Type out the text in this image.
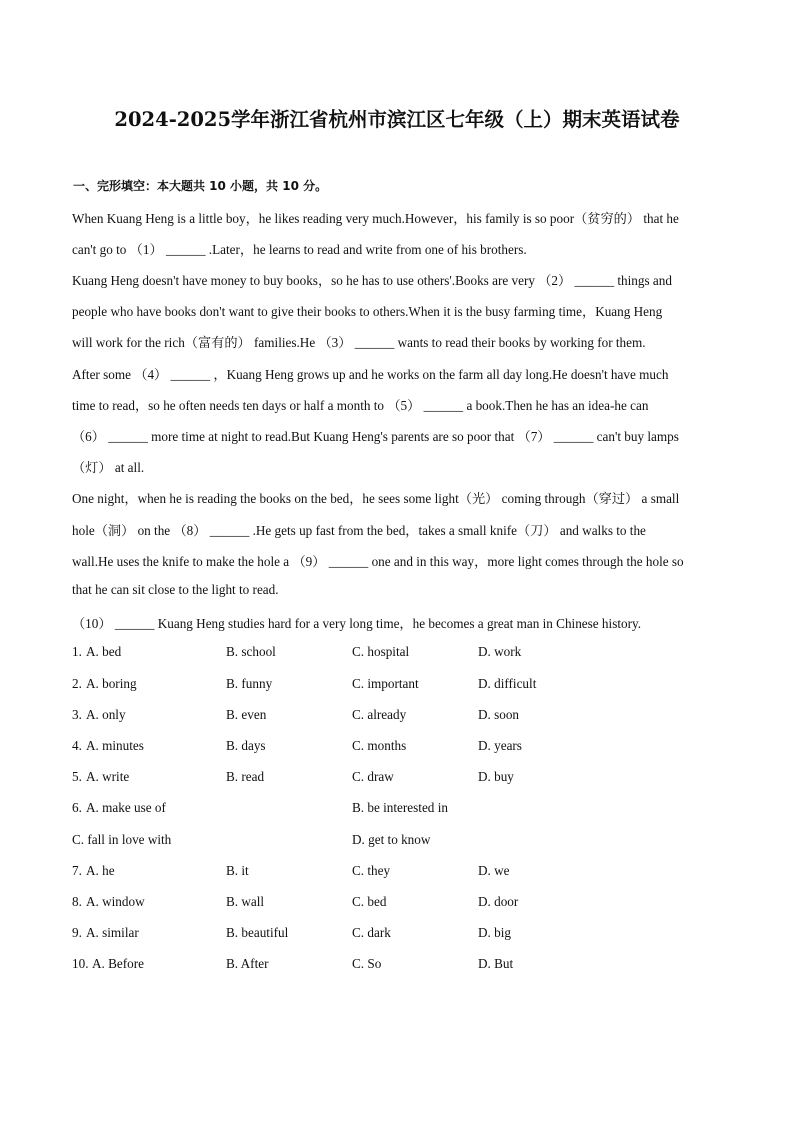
2024-2025学年浙江省杭州市滨江区七年级（上）期末英语试卷
一、完形填空：本大题共 10 小题，共 10 分。
When Kuang Heng is a little boy，he likes reading very much.However，his family is so poor（贫穷的） that he
can't go to （1） ______ .Later，he learns to read and write from one of his brothers.
Kuang Heng doesn't have money to buy books，so he has to use others'.Books are very （2） ______ things and
people who have books don't want to give their books to others.When it is the busy farming time，Kuang Heng
will work for the rich（富有的） families.He （3） ______ wants to read their books by working for them.
After some （4） ______ ，Kuang Heng grows up and he works on the farm all day long.He doesn't have much
time to read，so he often needs ten days or half a month to （5） ______ a book.Then he has an idea-he can
（6） ______ more time at night to read.But Kuang Heng's parents are so poor that （7） ______ can't buy lamps
（灯） at all.
One night，when he is reading the books on the bed，he sees some light（光） coming through（穿过） a small
hole（洞） on the （8） ______ .He gets up fast from the bed，takes a small knife（刀） and walks to the
wall.He uses the knife to make the hole a （9） ______ one and in this way，more light comes through the hole so
that he can sit close to the light to read.
（10） ______ Kuang Heng studies hard for a very long time，he becomes a great man in Chinese history.
1. A. bed	B. school	C. hospital	D. work
2. A. boring	B. funny	C. important	D. difficult
3. A. only	B. even	C. already	D. soon
4. A. minutes	B. days	C. months	D. years
5. A. write	B. read	C. draw	D. buy
6. A. make use of	B. be interested in
C. fall in love with	D. get to know
7. A. he	B. it	C. they	D. we
8. A. window	B. wall	C. bed	D. door
9. A. similar	B. beautiful	C. dark	D. big
10. A. Before	B. After	C. So	D. But
